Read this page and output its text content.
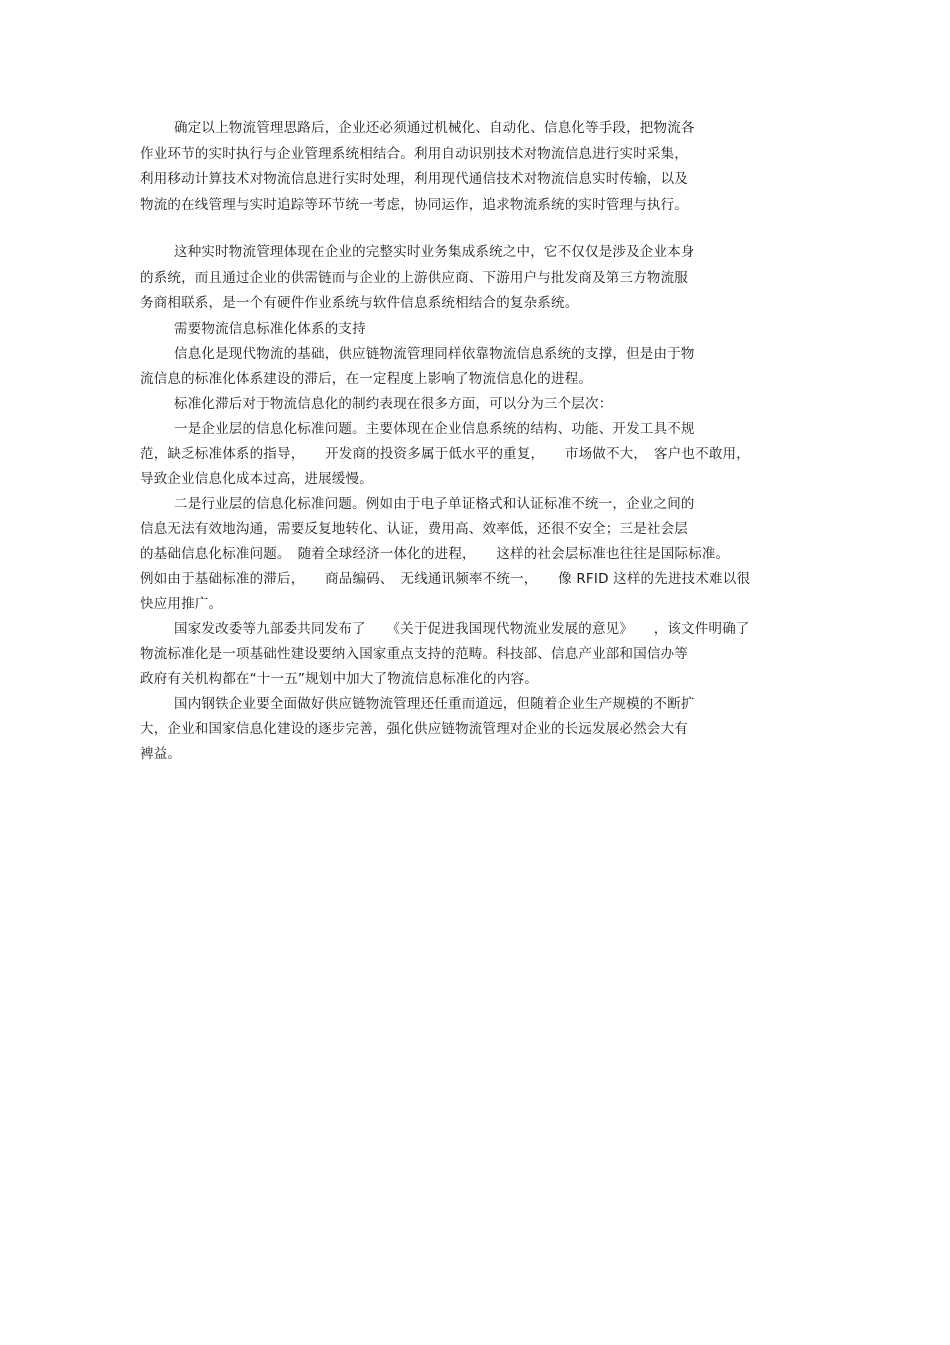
确定以上物流管理思路后，企业还必须通过机械化、自动化、信息化等手段，把物流各
作业环节的实时执行与企业管理系统相结合。利用自动识别技术对物流信息进行实时采集，
利用移动计算技术对物流信息进行实时处理，利用现代通信技术对物流信息实时传输，以及
物流的在线管理与实时追踪等环节统一考虑，协同运作，追求物流系统的实时管理与执行。
这种实时物流管理体现在企业的完整实时业务集成系统之中，它不仅仅是涉及企业本身
的系统，而且通过企业的供需链而与企业的上游供应商、下游用户与批发商及第三方物流服
务商相联系，是一个有硬件作业系统与软件信息系统相结合的复杂系统。
需要物流信息标准化体系的支持
信息化是现代物流的基础，供应链物流管理同样依靠物流信息系统的支撑，但是由于物
流信息的标准化体系建设的滞后，在一定程度上影响了物流信息化的进程。
标准化滞后对于物流信息化的制约表现在很多方面，可以分为三个层次：
一是企业层的信息化标准问题。主要体现在企业信息系统的结构、功能、开发工具不规
范，缺乏标准体系的指导，　　开发商的投资多属于低水平的重复，　　市场做不大，　客户也不敢用，
导致企业信息化成本过高，进展缓慢。
二是行业层的信息化标准问题。例如由于电子单证格式和认证标准不统一，企业之间的
信息无法有效地沟通，需要反复地转化、认证，费用高、效率低，还很不安全；三是社会层
的基础信息化标准问题。　随着全球经济一体化的进程，　　这样的社会层标准也往往是国际标准。
例如由于基础标准的滞后，　　商品编码、　无线通讯频率不统一，　　像 RFID 这样的先进技术难以很
快应用推广。
国家发改委等九部委共同发布了　　《关于促进我国现代物流业发展的意见》　　，该文件明确了
物流标准化是一项基础性建设要纳入国家重点支持的范畴。科技部、信息产业部和国信办等
政府有关机构都在“十一五”规划中加大了物流信息标准化的内容。
国内钢铁企业要全面做好供应链物流管理还任重而道远，但随着企业生产规模的不断扩
大，企业和国家信息化建设的逐步完善，强化供应链物流管理对企业的长远发展必然会大有
裨益。
